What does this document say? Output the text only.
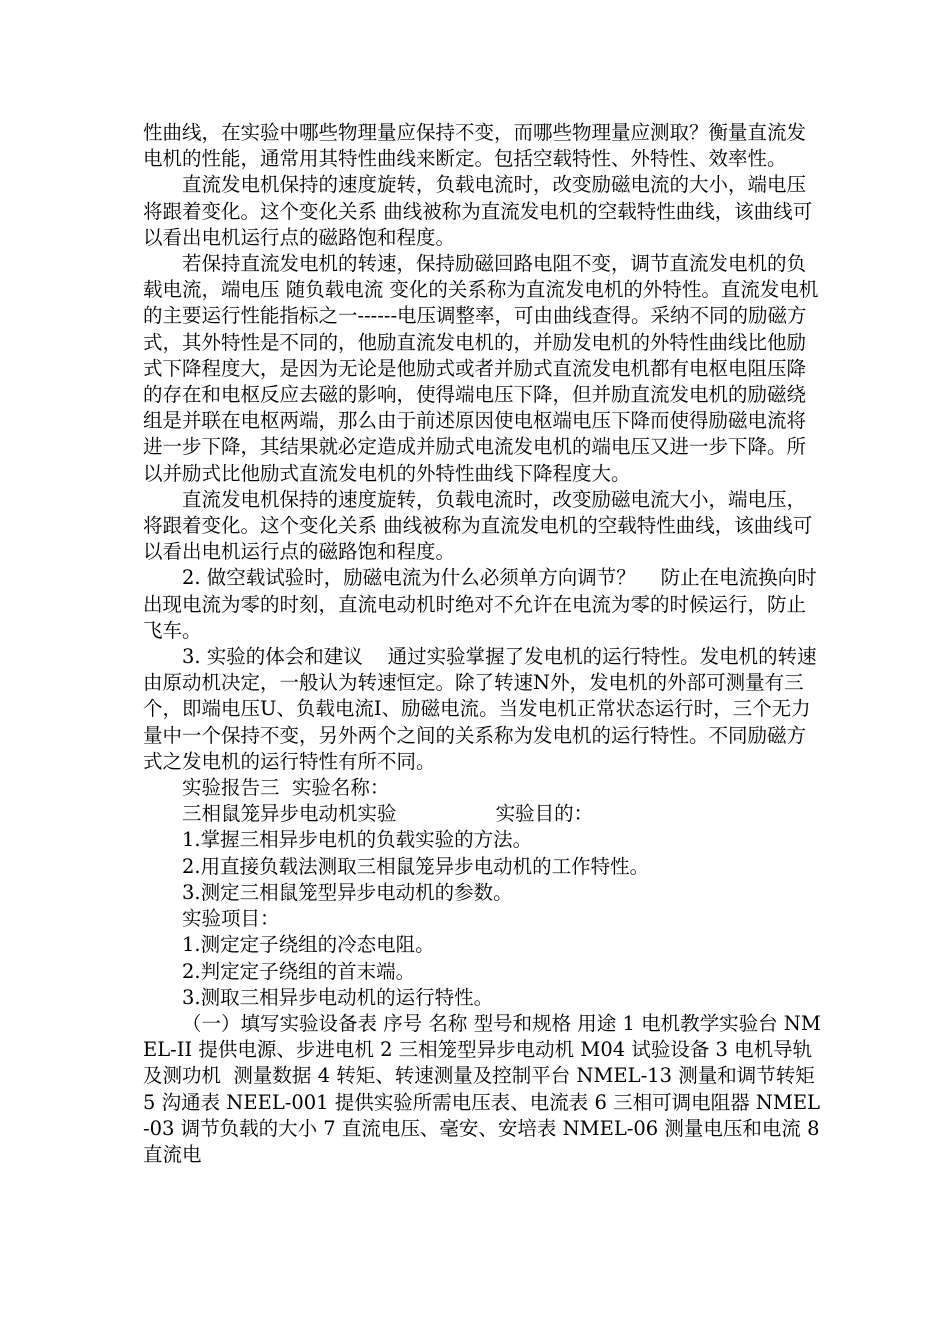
性曲线，在实验中哪些物理量应保持不变，而哪些物理量应测取？衡量直流发电机的性能，通常用其特性曲线来断定。包括空载特性、外特性、效率性。

直流发电机保持的速度旋转，负载电流时，改变励磁电流的大小，端电压将跟着变化。这个变化关系 曲线被称为直流发电机的空载特性曲线，该曲线可以看出电机运行点的磁路饱和程度。

若保持直流发电机的转速，保持励磁回路电阻不变，调节直流发电机的负载电流，端电压 随负载电流 变化的关系称为直流发电机的外特性。直流发电机的主要运行性能指标之一------电压调整率，可由曲线查得。采纳不同的励磁方式，其外特性是不同的，他励直流发电机的，并励发电机的外特性曲线比他励式下降程度大，是因为无论是他励式或者并励式直流发电机都有电枢电阻压降的存在和电枢反应去磁的影响，使得端电压下降，但并励直流发电机的励磁绕组是并联在电枢两端，那么由于前述原因使电枢端电压下降而使得励磁电流将进一步下降，其结果就必定造成并励式电流发电机的端电压又进一步下降。所以并励式比他励式直流发电机的外特性曲线下降程度大。

直流发电机保持的速度旋转，负载电流时，改变励磁电流大小，端电压，将跟着变化。这个变化关系 曲线被称为直流发电机的空载特性曲线，该曲线可以看出电机运行点的磁路饱和程度。

2. 做空载试验时，励磁电流为什么必须单方向调节？    防止在电流换向时出现电流为零的时刻，直流电动机时绝对不允许在电流为零的时候运行，防止飞车。

3. 实验的体会和建议    通过实验掌握了发电机的运行特性。发电机的转速由原动机决定，一般认为转速恒定。除了转速N外，发电机的外部可测量有三个，即端电压U、负载电流I、励磁电流。当发电机正常状态运行时，三个无力量中一个保持不变，另外两个之间的关系称为发电机的运行特性。不同励磁方式之发电机的运行特性有所不同。

实验报告三  实验名称：

三相鼠笼异步电动机实验                实验目的：

1.掌握三相异步电机的负载实验的方法。

2.用直接负载法测取三相鼠笼异步电动机的工作特性。

3.测定三相鼠笼型异步电动机的参数。

实验项目：

1.测定定子绕组的冷态电阻。

2.判定定子绕组的首末端。

3.测取三相异步电动机的运行特性。

（一）填写实验设备表 序号 名称 型号和规格 用途 1 电机教学实验台 NMEL-II 提供电源、步进电机 2 三相笼型异步电动机 M04 试验设备 3 电机导轨及测功机  测量数据 4 转矩、转速测量及控制平台 NMEL-13 测量和调节转矩 5 沟通表 NEEL-001 提供实验所需电压表、电流表 6 三相可调电阻器 NMEL-03 调节负载的大小 7 直流电压、毫安、安培表 NMEL-06 测量电压和电流 8 直流电
